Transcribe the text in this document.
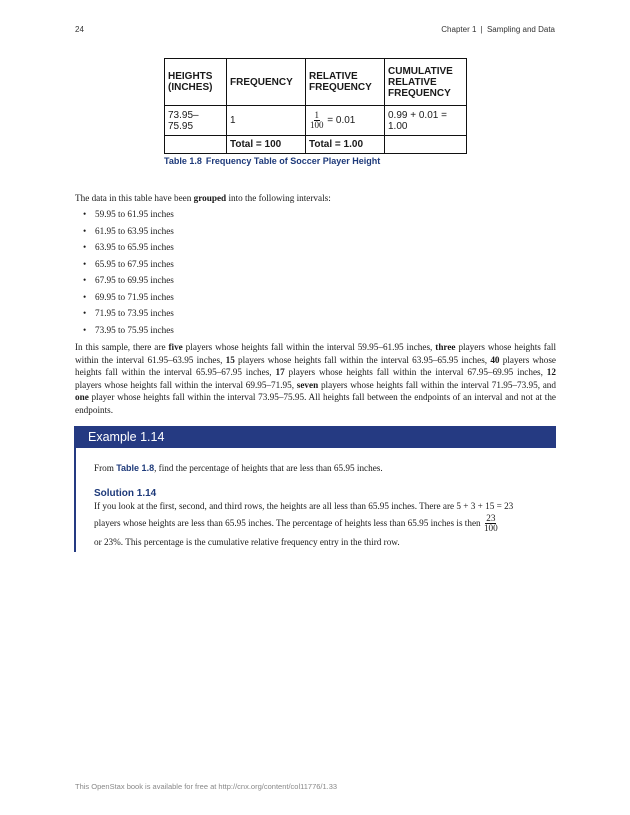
24	Chapter 1 | Sampling and Data
HEIGHTS (INCHES)	FREQUENCY	RELATIVE FREQUENCY	CUMULATIVE RELATIVE FREQUENCY
73.95–75.95	1	$\frac{1}{100} = 0.01$	0.99 + 0.01 = 1.00
	Total = 100	Total = 1.00	
Table 1.8 Frequency Table of Soccer Player Height

The data in this table have been grouped into the following intervals:

• 59.95 to 61.95 inches
• 61.95 to 63.95 inches
• 63.95 to 65.95 inches
• 65.95 to 67.95 inches
• 67.95 to 69.95 inches
• 69.95 to 71.95 inches
• 71.95 to 73.95 inches
• 73.95 to 75.95 inches

In this sample, there are five players whose heights fall within the interval 59.95–61.95 inches, three players whose heights fall within the interval 61.95–63.95 inches, 15 players whose heights fall within the interval 63.95–65.95 inches, 40 players whose heights fall within the interval 65.95–67.95 inches, 17 players whose heights fall within the interval 67.95–69.95 inches, 12 players whose heights fall within the interval 69.95–71.95, seven players whose heights fall within the interval 71.95–73.95, and one player whose heights fall within the interval 73.95–75.95. All heights fall between the endpoints of an interval and not at the endpoints.

Example 1.14

From Table 1.8, find the percentage of heights that are less than 65.95 inches.

Solution 1.14

If you look at the first, second, and third rows, the heights are all less than 65.95 inches. There are 5 + 3 + 15 = 23

players whose heights are less than 65.95 inches. The percentage of heights less than 65.95 inches is then $\frac{23}{100}$

or 23%. This percentage is the cumulative relative frequency entry in the third row.

This OpenStax book is available for free at http://cnx.org/content/col11776/1.33
